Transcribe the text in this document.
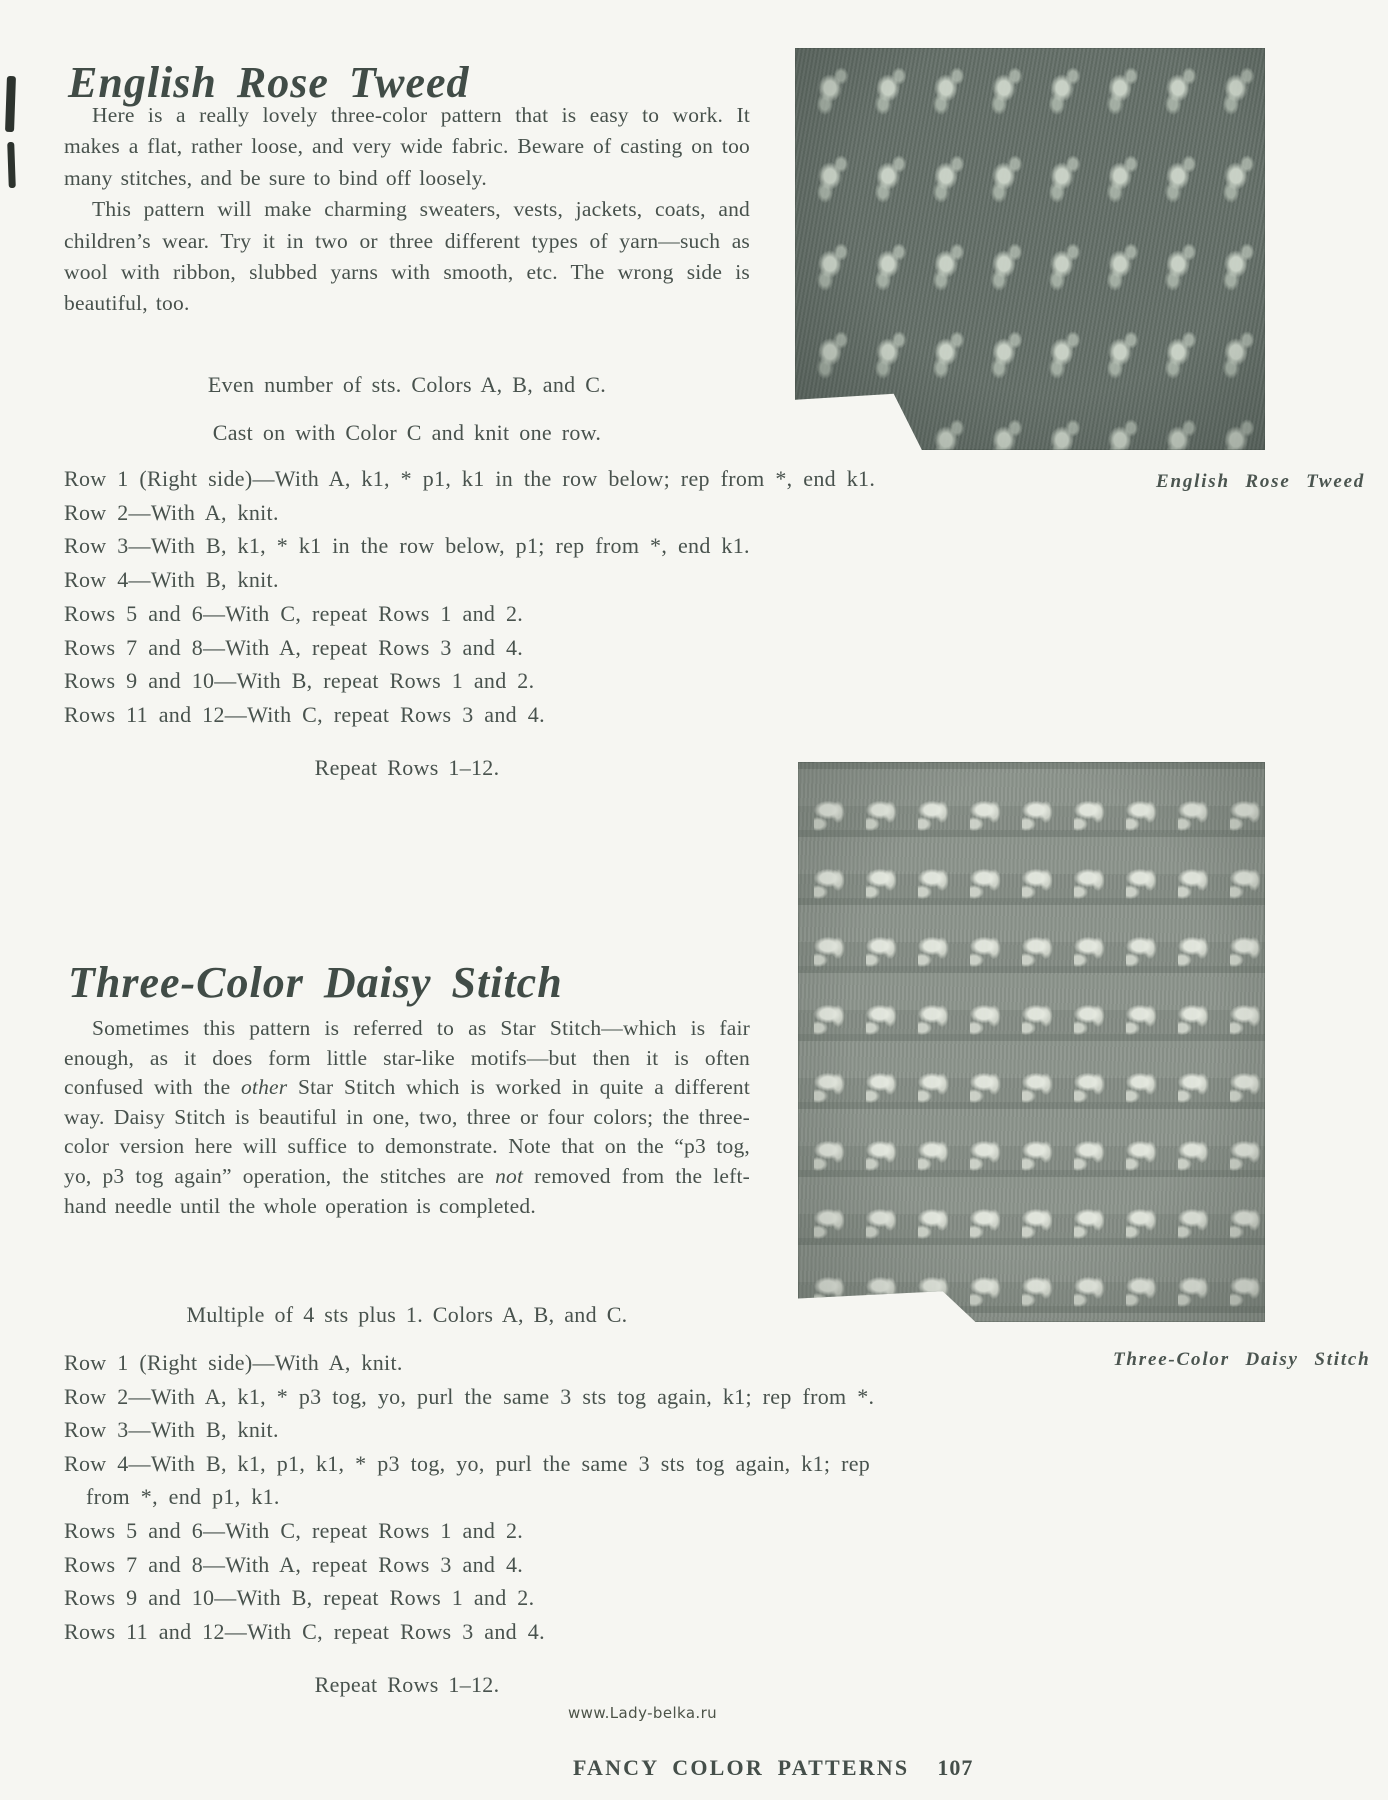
English Rose Tweed

Here is a really lovely three-color pattern that is easy to work. It makes a flat, rather loose, and very wide fabric. Beware of casting on too many stitches, and be sure to bind off loosely.

This pattern will make charming sweaters, vests, jackets, coats, and children’s wear. Try it in two or three different types of yarn—such as wool with ribbon, slubbed yarns with smooth, etc. The wrong side is beautiful, too.

Even number of sts. Colors A, B, and C.
Cast on with Color C and knit one row.
Row 1 (Right side)—With A, k1, * p1, k1 in the row below; rep from *, end k1.
Row 2—With A, knit.
Row 3—With B, k1, * k1 in the row below, p1; rep from *, end k1.
Row 4—With B, knit.
Rows 5 and 6—With C, repeat Rows 1 and 2.
Rows 7 and 8—With A, repeat Rows 3 and 4.
Rows 9 and 10—With B, repeat Rows 1 and 2.
Rows 11 and 12—With C, repeat Rows 3 and 4.
Repeat Rows 1–12.
English Rose Tweed
Three-Color Daisy Stitch

Sometimes this pattern is referred to as Star Stitch—which is fair enough, as it does form little star-like motifs—but then it is often confused with the other Star Stitch which is worked in quite a different way. Daisy Stitch is beautiful in one, two, three or four colors; the three-color version here will suffice to demonstrate. Note that on the “p3 tog, yo, p3 tog again” operation, the stitches are not removed from the left-hand needle until the whole operation is completed.

Multiple of 4 sts plus 1. Colors A, B, and C.
Row 1 (Right side)—With A, knit.
Row 2—With A, k1, * p3 tog, yo, purl the same 3 sts tog again, k1; rep from *.
Row 3—With B, knit.
Row 4—With B, k1, p1, k1, * p3 tog, yo, purl the same 3 sts tog again, k1; rep
from *, end p1, k1.
Rows 5 and 6—With C, repeat Rows 1 and 2.
Rows 7 and 8—With A, repeat Rows 3 and 4.
Rows 9 and 10—With B, repeat Rows 1 and 2.
Rows 11 and 12—With C, repeat Rows 3 and 4.
Repeat Rows 1–12.
Three-Color Daisy Stitch
www.Lady-belka.ru
FANCY COLOR PATTERNS 107
